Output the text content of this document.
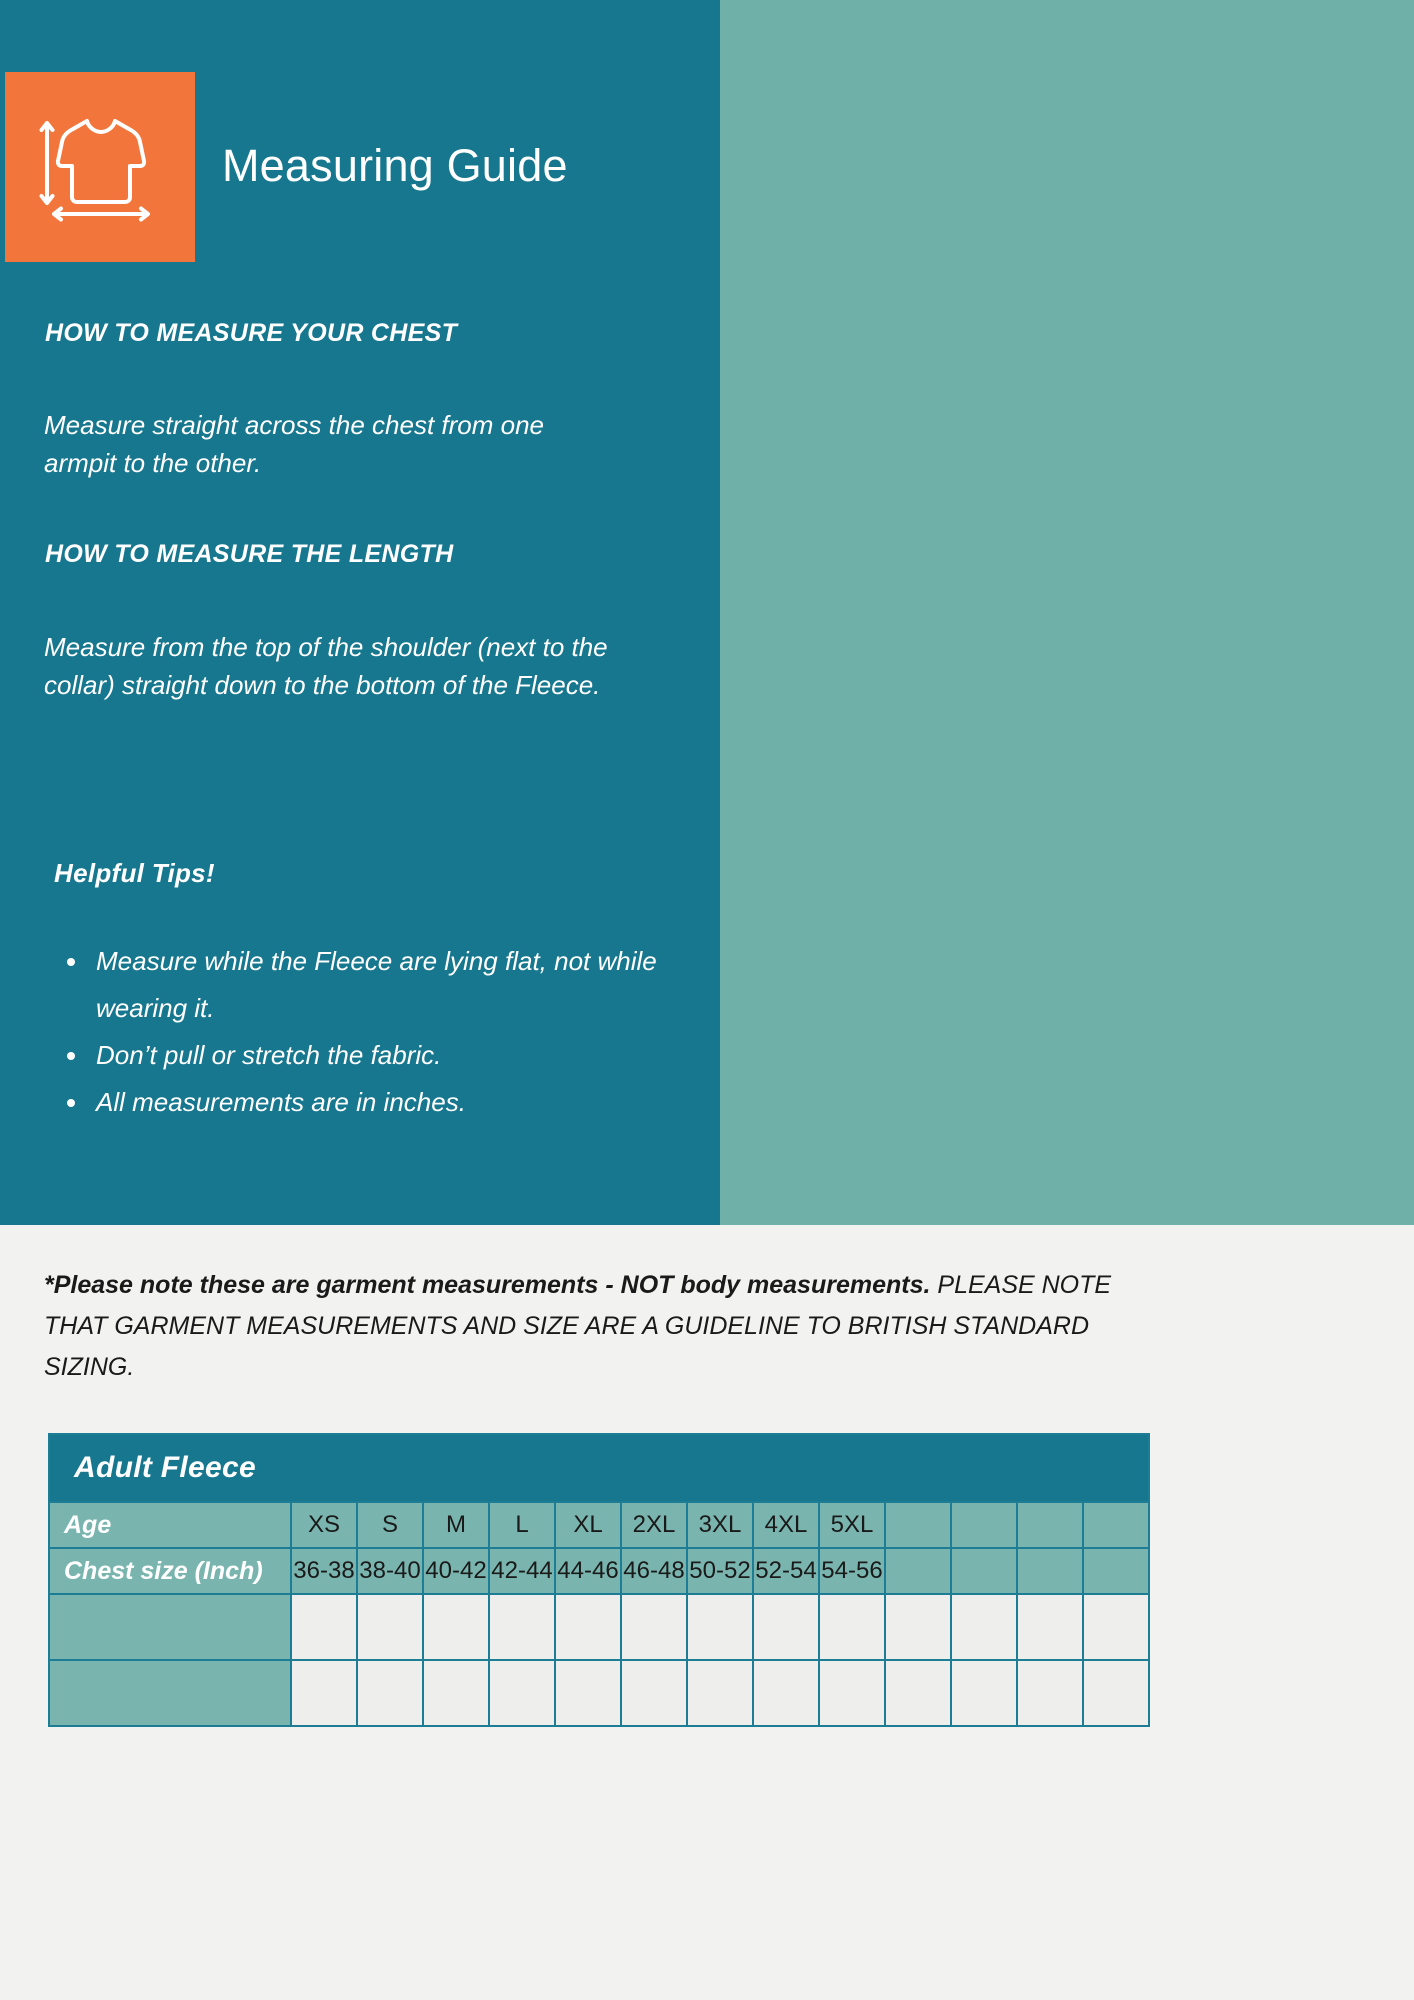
Measuring Guide
HOW TO MEASURE YOUR CHEST
Measure straight across the chest from one armpit to the other.
HOW TO MEASURE THE LENGTH
Measure from the top of the shoulder (next to the collar) straight down to the bottom of the Fleece.
Helpful Tips!
• Measure while the Fleece are lying flat, not while wearing it.
• Don’t pull or stretch the fabric.
• All measurements are in inches.
*Please note these are garment measurements - NOT body measurements. PLEASE NOTE THAT GARMENT MEASUREMENTS AND SIZE ARE A GUIDELINE TO BRITISH STANDARD SIZING.
Adult Fleece													
Age	XS	S	M	L	XL	2XL	3XL	4XL	5XL				
Chest size (Inch)	36-38	38-40	40-42	42-44	44-46	46-48	50-52	52-54	54-56				
